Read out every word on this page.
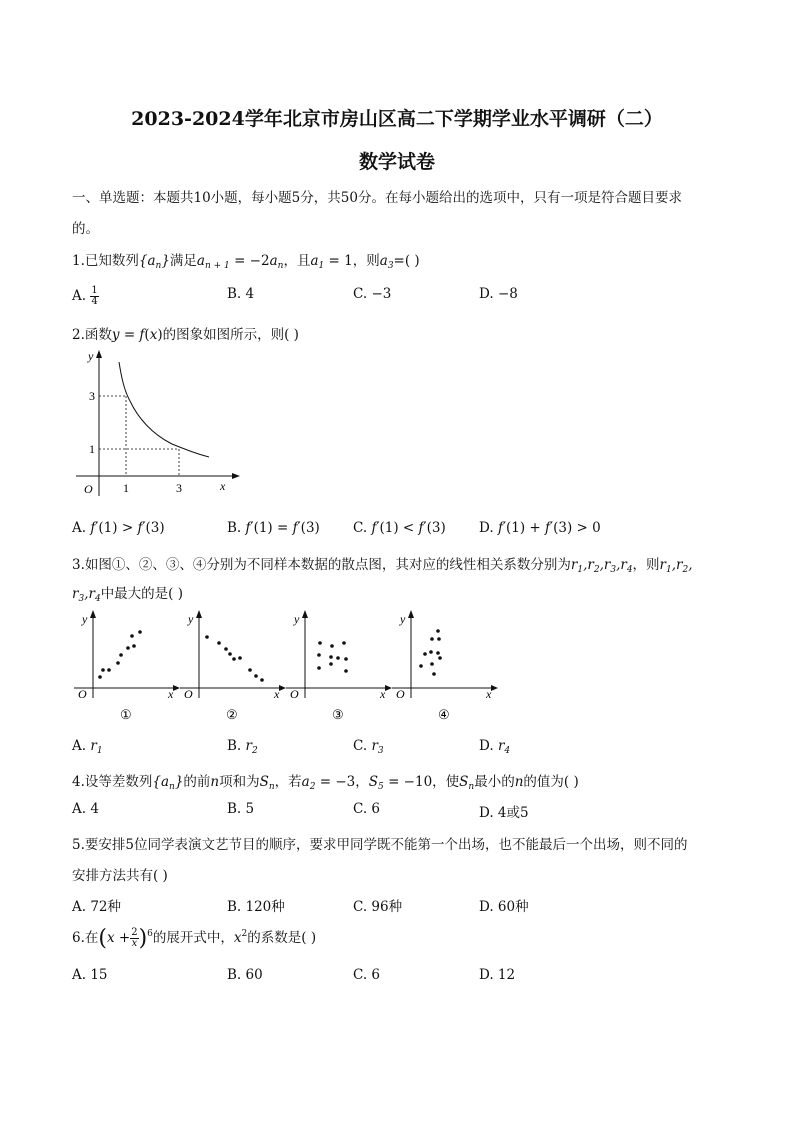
2023-2024学年北京市房山区高二下学期学业水平调研（二）
数学试卷
一、单选题：本题共10小题，每小题5分，共50分。在每小题给出的选项中，只有一项是符合题目要求
的。
1.已知数列$\{a_n\}$满足$a_{n + 1} = -2a_n$，且$a_1 = 1$，则$a_3=$( )
A. $\frac{1}{4}$	B. 4	C. −3	D. −8
2.函数y = f(x)的图象如图所示，则( )
y
x
O
3
1
1	3
A. f′(1) > f′(3)	B. f′(1) = f′(3) C. f′(1) < f′(3) D. f′(1) + f′(3) > 0
3.如图①、②、③、④分别为不同样本数据的散点图，其对应的线性相关系数分别为$r_1,r_2,r_3,r_4$，则$r_1,r_2$,
$r_3,r_4$中最大的是( )
y
x
O
①
y
x
O
②
y
x
O
③
y
x
O
④
A. $r_1$	B. $r_2$	C. $r_3$	D. $r_4$
4.设等差数列$\{a_n\}$的前n项和为$S_n$，若$a_2 = -3$，$S_5 = -10$，使$S_n$最小的n的值为( )
A. 4	B. 5	C. 6	D. 4或5
5.要安排5位同学表演文艺节目的顺序，要求甲同学既不能第一个出场，也不能最后一个出场，则不同的
安排方法共有( )
A. 72种	B. 120种	C. 96种	D. 60种
6.在$(x + \frac{2}{x} )^6$的展开式中，$x^2$的系数是( )
A. 15	B. 60	C. 6	D. 12
